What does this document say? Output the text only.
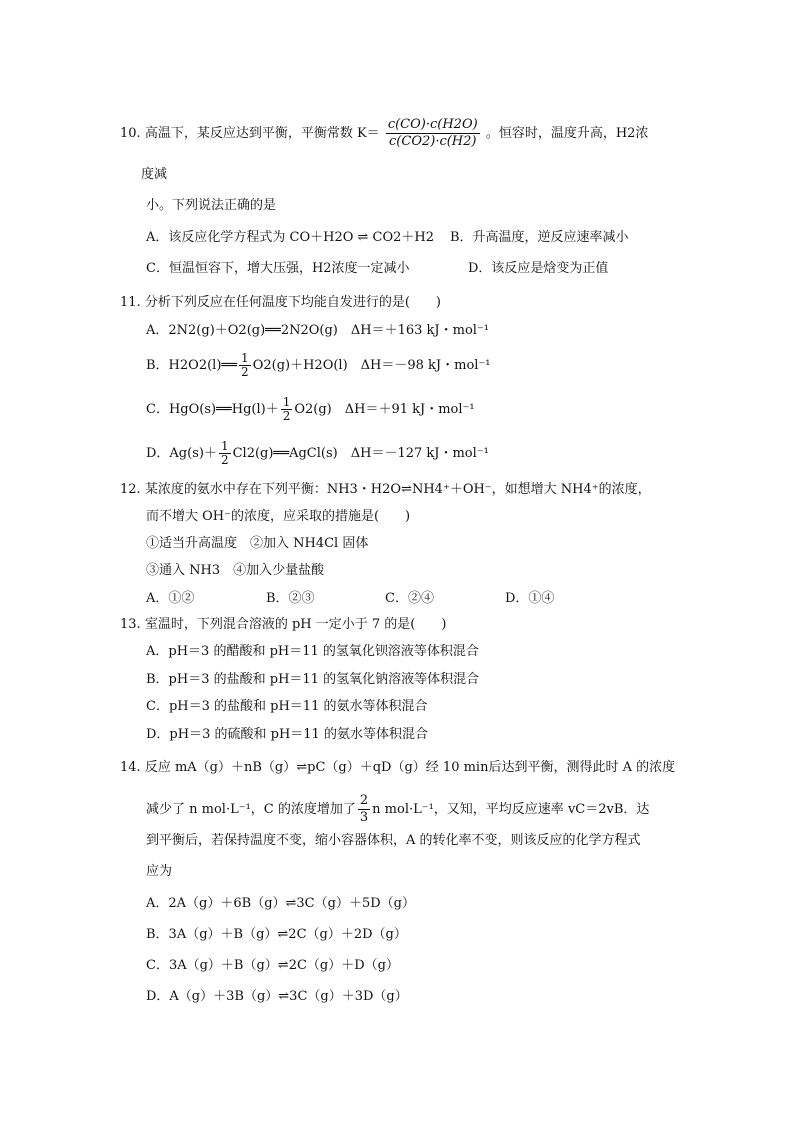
10. 高温下，某反应达到平衡，平衡常数 $K= \frac{c(CO)\cdot c(H2O)}{c(CO2)\cdot c(H2)}$ 。恒容时，温度升高，H2浓
度减
小。下列说法正确的是
A．该反应化学方程式为 CO＋H2O ⇌ CO2＋H2 B．升高温度，逆反应速率减小
C．恒温恒容下，增大压强，H2浓度一定减小	D．该反应是焓变为正值
11. 分析下列反应在任何温度下均能自发进行的是(　　)
A．2N2(g)＋O2(g)══2N2O(g)　ΔH＝＋163 kJ・mol⁻¹
B．H2O2(l)══ $\frac{1}{2} O2(g)+H2O(l)$　ΔH＝－98 kJ・mol⁻¹
C．HgO(s)══Hg(l)＋ $\frac{1}{2} O2(g)$　ΔH＝＋91 kJ・mol⁻¹
D．$Ag(s)+ \frac{1}{2}$ Cl2(g)══AgCl(s)　ΔH＝－127 kJ・mol⁻¹
12. 某浓度的氨水中存在下列平衡：NH3・H2O⇌NH4⁺＋OH⁻，如想增大 NH4⁺的浓度，
而不增大 OH⁻的浓度，应采取的措施是(　　)
①适当升高温度　②加入 NH4Cl 固体
③通入 NH3　④加入少量盐酸
A．①②	B．②③	C．②④	D．①④
13. 室温时，下列混合溶液的 pH 一定小于 7 的是(　　)
A．pH＝3 的醋酸和 pH＝11 的氢氧化钡溶液等体积混合
B．pH＝3 的盐酸和 pH＝11 的氢氧化钠溶液等体积混合
C．pH＝3 的盐酸和 pH＝11 的氨水等体积混合
D．pH＝3 的硫酸和 pH＝11 的氨水等体积混合
14. 反应 mA（g）＋nB（g）⇌pC（g）＋qD（g）经 10 min后达到平衡，测得此时 A 的浓度
减少了 n mol·L⁻¹，C 的浓度增加了 $\frac{2}{3}$ n mol·L⁻¹，又知，平均反应速率 vC＝2vB．达
到平衡后，若保持温度不变，缩小容器体积，A 的转化率不变，则该反应的化学方程式
应为
A．2A（g）＋6B（g）⇌3C（g）＋5D（g）
B．3A（g）＋B（g）⇌2C（g）＋2D（g）
C．3A（g）＋B（g）⇌2C（g）＋D（g）
D．A（g）＋3B（g）⇌3C（g）＋3D（g）
